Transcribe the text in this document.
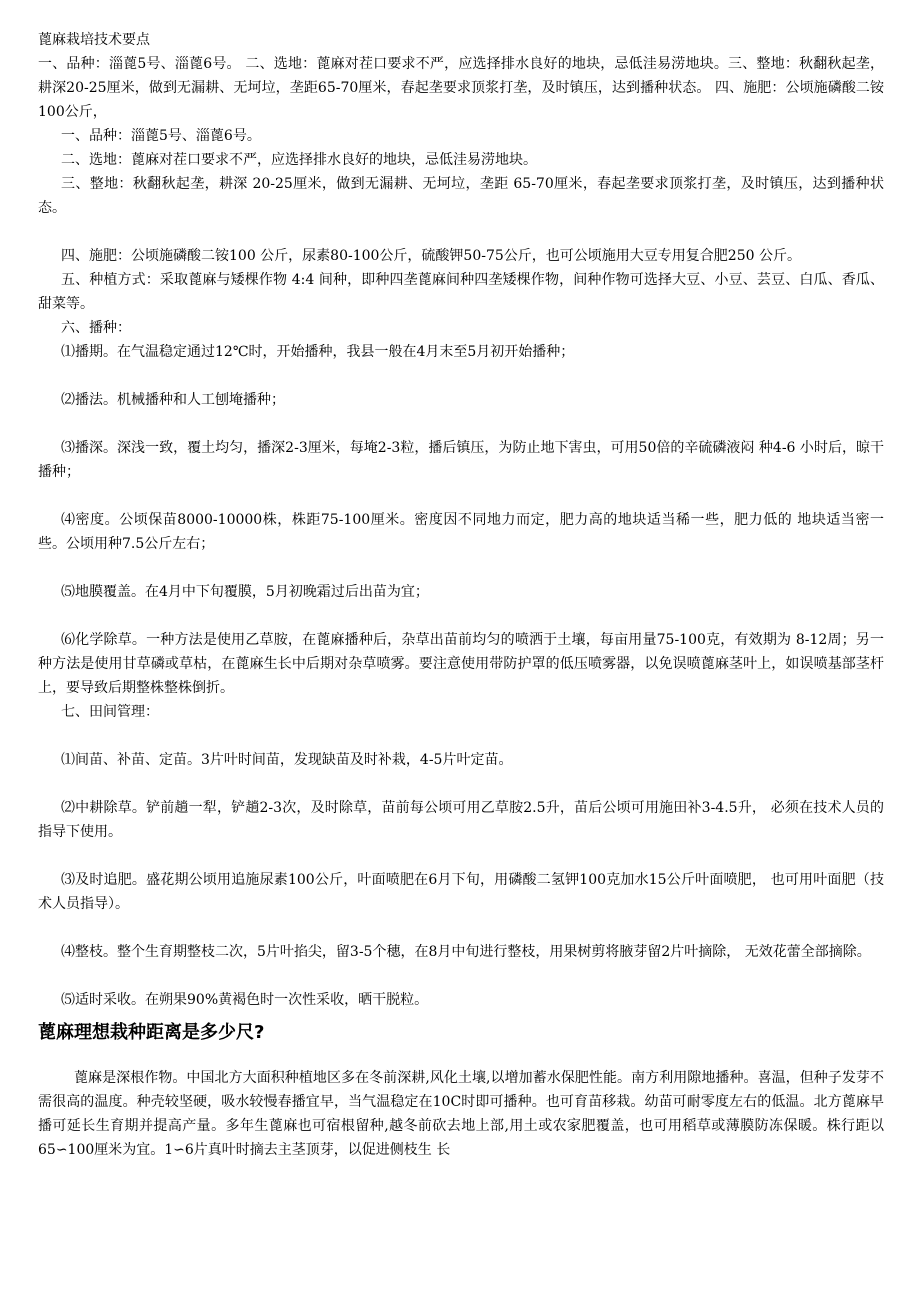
蓖麻栽培技术要点

一、品种：淄蓖5号、淄蓖6号。 二、选地：蓖麻对茬口要求不严，应选择排水良好的地块，忌低洼易涝地块。三、整地：秋翻秋起垄，耕深20-25厘米，做到无漏耕、无坷垃，垄距65-70厘米，春起垄要求顶浆打垄，及时镇压，达到播种状态。 四、施肥：公顷施磷酸二铵100公斤，

一、品种：淄蓖5号、淄蓖6号。

二、选地：蓖麻对茬口要求不严，应选择排水良好的地块，忌低洼易涝地块。

三、整地：秋翻秋起垄，耕深 20-25厘米，做到无漏耕、无坷垃，垄距 65-70厘米，春起垄要求顶浆打垄，及时镇压，达到播种状态。

四、施肥：公顷施磷酸二铵100 公斤，尿素80-100公斤，硫酸钾50-75公斤，也可公顷施用大豆专用复合肥250 公斤。

五、种植方式：采取蓖麻与矮棵作物 4:4 间种，即种四垄蓖麻间种四垄矮棵作物，间种作物可选择大豆、小豆、芸豆、白瓜、香瓜、甜菜等。

六、播种：

⑴播期。在气温稳定通过12℃时，开始播种，我县一般在4月末至5月初开始播种；

⑵播法。机械播种和人工刨埯播种；

⑶播深。深浅一致，覆土均匀，播深2-3厘米，每埯2-3粒，播后镇压，为防止地下害虫，可用50倍的辛硫磷液闷 种4-6 小时后，晾干播种；

⑷密度。公顷保苗8000-10000株，株距75-100厘米。密度因不同地力而定，肥力高的地块适当稀一些，肥力低的 地块适当密一些。公顷用种7.5公斤左右；

⑸地膜覆盖。在4月中下旬覆膜，5月初晚霜过后出苗为宜；

⑹化学除草。一种方法是使用乙草胺，在蓖麻播种后，杂草出苗前均匀的喷洒于土壤，每亩用量75-100克，有效期为 8-12周；另一种方法是使用甘草磷或草枯，在蓖麻生长中后期对杂草喷雾。要注意使用带防护罩的低压喷雾器，以免误喷蓖麻茎叶上，如误喷基部茎杆上，要导致后期整株整株倒折。

七、田间管理：

⑴间苗、补苗、定苗。3片叶时间苗，发现缺苗及时补栽，4-5片叶定苗。

⑵中耕除草。铲前趟一犁，铲趟2-3次，及时除草，苗前每公顷可用乙草胺2.5升，苗后公顷可用施田补3-4.5升， 必须在技术人员的指导下使用。

⑶及时追肥。盛花期公顷用追施尿素100公斤，叶面喷肥在6月下旬，用磷酸二氢钾100克加水15公斤叶面喷肥， 也可用叶面肥（技术人员指导）。

⑷整枝。整个生育期整枝二次，5片叶掐尖，留3-5个穗，在8月中旬进行整枝，用果树剪将腋芽留2片叶摘除， 无效花蕾全部摘除。

⑸适时采收。在朔果90%黄褐色时一次性采收，晒干脱粒。

蓖麻理想栽种距离是多少尺?

蓖麻是深根作物。中国北方大面积种植地区多在冬前深耕,风化土壤,以增加蓄水保肥性能。南方利用隙地播种。喜温，但种子发芽不需很高的温度。种壳较坚硬，吸水较慢春播宜早，当气温稳定在10C时即可播种。也可育苗移栽。幼苗可耐零度左右的低温。北方蓖麻早播可延长生育期并提高产量。多年生蓖麻也可宿根留种,越冬前砍去地上部,用土或农家肥覆盖，也可用稻草或薄膜防冻保暖。株行距以65∽100厘米为宜。1∽6片真叶时摘去主茎顶芽，以促进侧枝生 长
